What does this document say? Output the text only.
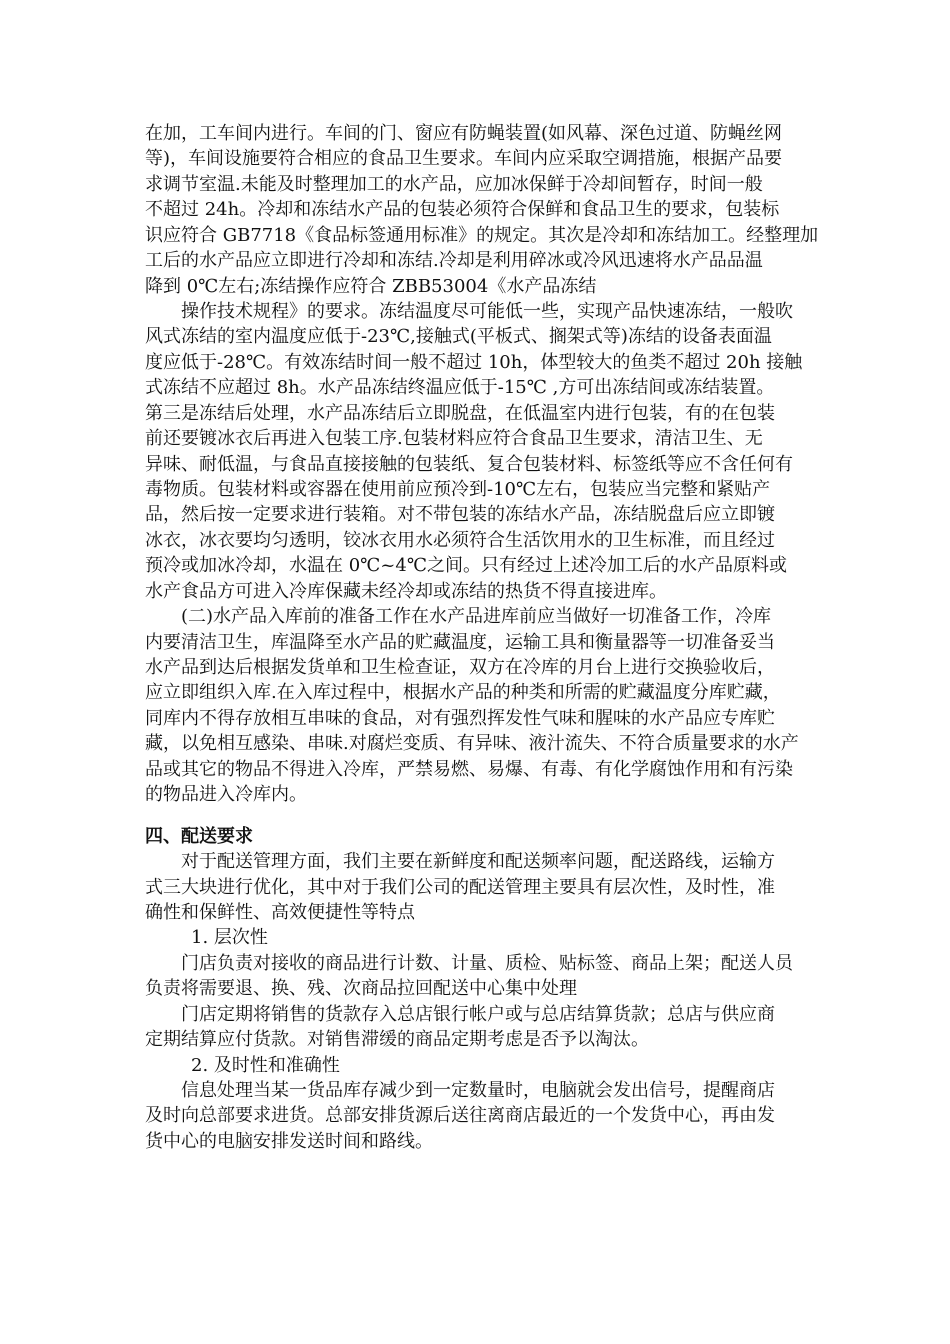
在加，工车间内进行。车间的门、窗应有防蝇装置(如风幕、深色过道、防蝇丝网

等)，车间设施要符合相应的食品卫生要求。车间内应采取空调措施，根据产品要

求调节室温.未能及时整理加工的水产品，应加冰保鲜于冷却间暂存，时间一般

不超过 24h。冷却和冻结水产品的包装必须符合保鲜和食品卫生的要求，包装标

识应符合 GB7718《食品标签通用标准》的规定。其次是冷却和冻结加工。经整理加

工后的水产品应立即进行冷却和冻结.冷却是利用碎冰或冷风迅速将水产品品温

降到 0℃左右;冻结操作应符合 ZBB53004《水产品冻结

操作技术规程》的要求。冻结温度尽可能低一些，实现产品快速冻结，一般吹

风式冻结的室内温度应低于-23℃,接触式(平板式、搁架式等)冻结的设备表面温

度应低于-28℃。有效冻结时间一般不超过 10h，体型较大的鱼类不超过 20h 接触

式冻结不应超过 8h。水产品冻结终温应低于-15℃ ,方可出冻结间或冻结装置。

第三是冻结后处理，水产品冻结后立即脱盘，在低温室内进行包装，有的在包装

前还要镀冰衣后再进入包装工序.包装材料应符合食品卫生要求，清洁卫生、无

异味、耐低温，与食品直接接触的包装纸、复合包装材料、标签纸等应不含任何有

毒物质。包装材料或容器在使用前应预冷到-10℃左右，包装应当完整和紧贴产

品，然后按一定要求进行装箱。对不带包装的冻结水产品，冻结脱盘后应立即镀

冰衣，冰衣要均匀透明，铰冰衣用水必须符合生活饮用水的卫生标准，而且经过

预冷或加冰冷却，水温在 0℃~4℃之间。只有经过上述冷加工后的水产品原料或

水产食品方可进入冷库保藏未经冷却或冻结的热货不得直接进库。

(二)水产品入库前的准备工作在水产品进库前应当做好一切准备工作，冷库

内要清洁卫生，库温降至水产品的贮藏温度，运输工具和衡量器等一切准备妥当

水产品到达后根据发货单和卫生检查证，双方在冷库的月台上进行交换验收后，

应立即组织入库.在入库过程中，根据水产品的种类和所需的贮藏温度分库贮藏，

同库内不得存放相互串味的食品，对有强烈挥发性气味和腥味的水产品应专库贮

藏，以免相互感染、串味.对腐烂变质、有异味、液汁流失、不符合质量要求的水产

品或其它的物品不得进入冷库，严禁易燃、易爆、有毒、有化学腐蚀作用和有污染

的物品进入冷库内。

四、配送要求

对于配送管理方面，我们主要在新鲜度和配送频率问题，配送路线，运输方

式三大块进行优化，其中对于我们公司的配送管理主要具有层次性，及时性，准

确性和保鲜性、高效便捷性等特点

1. 层次性

门店负责对接收的商品进行计数、计量、质检、贴标签、商品上架；配送人员

负责将需要退、换、残、次商品拉回配送中心集中处理

门店定期将销售的货款存入总店银行帐户或与总店结算货款；总店与供应商

定期结算应付货款。对销售滞缓的商品定期考虑是否予以淘汰。

2. 及时性和准确性

信息处理当某一货品库存减少到一定数量时，电脑就会发出信号，提醒商店

及时向总部要求进货。总部安排货源后送往离商店最近的一个发货中心，再由发

货中心的电脑安排发送时间和路线。
